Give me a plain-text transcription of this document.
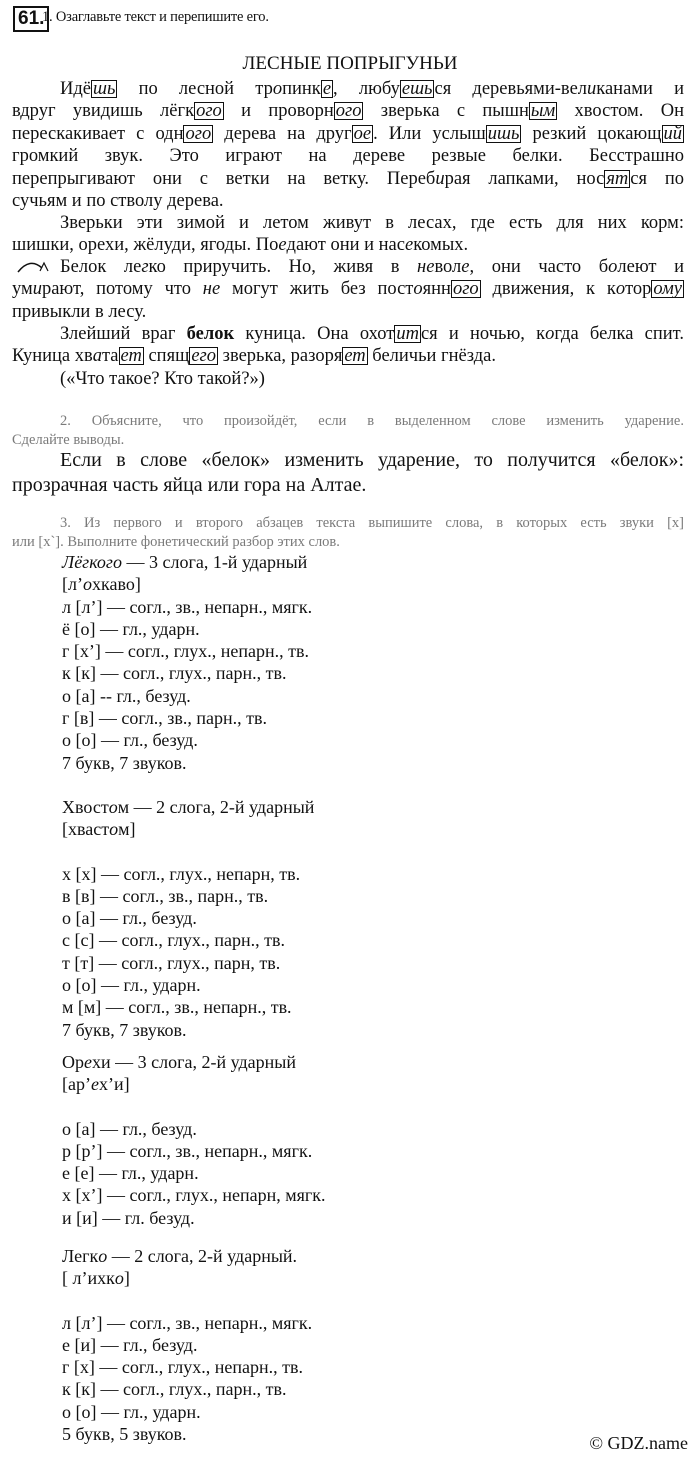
61.
1. Озаглавьте текст и перепишите его.
ЛЕСНЫЕ ПОПРЫГУНЬИ
Идё шь по лесной тропинк е , любу ешь ся деревьями-великанами и
вдруг увидишь лёгк ого и проворн ого зверька с пышн ым хвостом. Он
перескакивает с одн ого дерева на друг ое . Или услыш ишь резкий цокающ ий
громкий звук. Это играют на дереве резвые белки. Бесстрашно
перепрыгивают они с ветки на ветку. Перебирая лапками, нос ят ся по
сучьям и по стволу дерева.
Зверьки эти зимой и летом живут в лесах, где есть для них корм:
шишки, орехи, жёлуди, ягоды. Поедают они и насекомых.
Белок легко приручить. Но, живя в неволе, они часто болеют и
умирают, потому что не могут жить без постоянн ого движения, к котор ому
привыкли в лесу.
Злейший враг белок куница. Она охот ит ся и ночью, когда белка спит.
Куница хвата ет спящ его зверька, разоря ет беличьи гнёзда.
(«Что такое? Кто такой?»)
2. Объясните, что произойдёт, если в выделенном слове изменить ударение.
Сделайте выводы.
Если в слове «белок» изменить ударение, то получится «белок»:
прозрачная часть яйца или гора на Алтае.
3. Из первого и второго абзацев текста выпишите слова, в которых есть звуки [х]
или [х`]. Выполните фонетический разбор этих слов.
Лёгкого — 3 слога, 1-й ударный
[л’охкаво]
л [л’] — согл., зв., непарн., мягк.
ё [о] — гл., ударн.
г [х’] — согл., глух., непарн., тв.
к [к] — согл., глух., парн., тв.
о [а] -- гл., безуд.
г [в] — согл., зв., парн., тв.
о [о] — гл., безуд.
7 букв, 7 звуков.
Хвостом — 2 слога, 2-й ударный
[хвастом]
х [х] — согл., глух., непарн, тв.
в [в] — согл., зв., парн., тв.
о [а] — гл., безуд.
с [с] — согл., глух., парн., тв.
т [т] — согл., глух., парн, тв.
о [о] — гл., ударн.
м [м] — согл., зв., непарн., тв.
7 букв, 7 звуков.
Орехи — 3 слога, 2-й ударный
[ар’ех’и]
о [а] — гл., безуд.
р [р’] — согл., зв., непарн., мягк.
е [е] — гл., ударн.
х [х’] — согл., глух., непарн, мягк.
и [и] — гл. безуд.
Легко — 2 слога, 2-й ударный.
[ л’ихко]
л [л’] — согл., зв., непарн., мягк.
е [и] — гл., безуд.
г [х] — согл., глух., непарн., тв.
к [к] — согл., глух., парн., тв.
о [о] — гл., ударн.
5 букв, 5 звуков.	© GDZ.name
